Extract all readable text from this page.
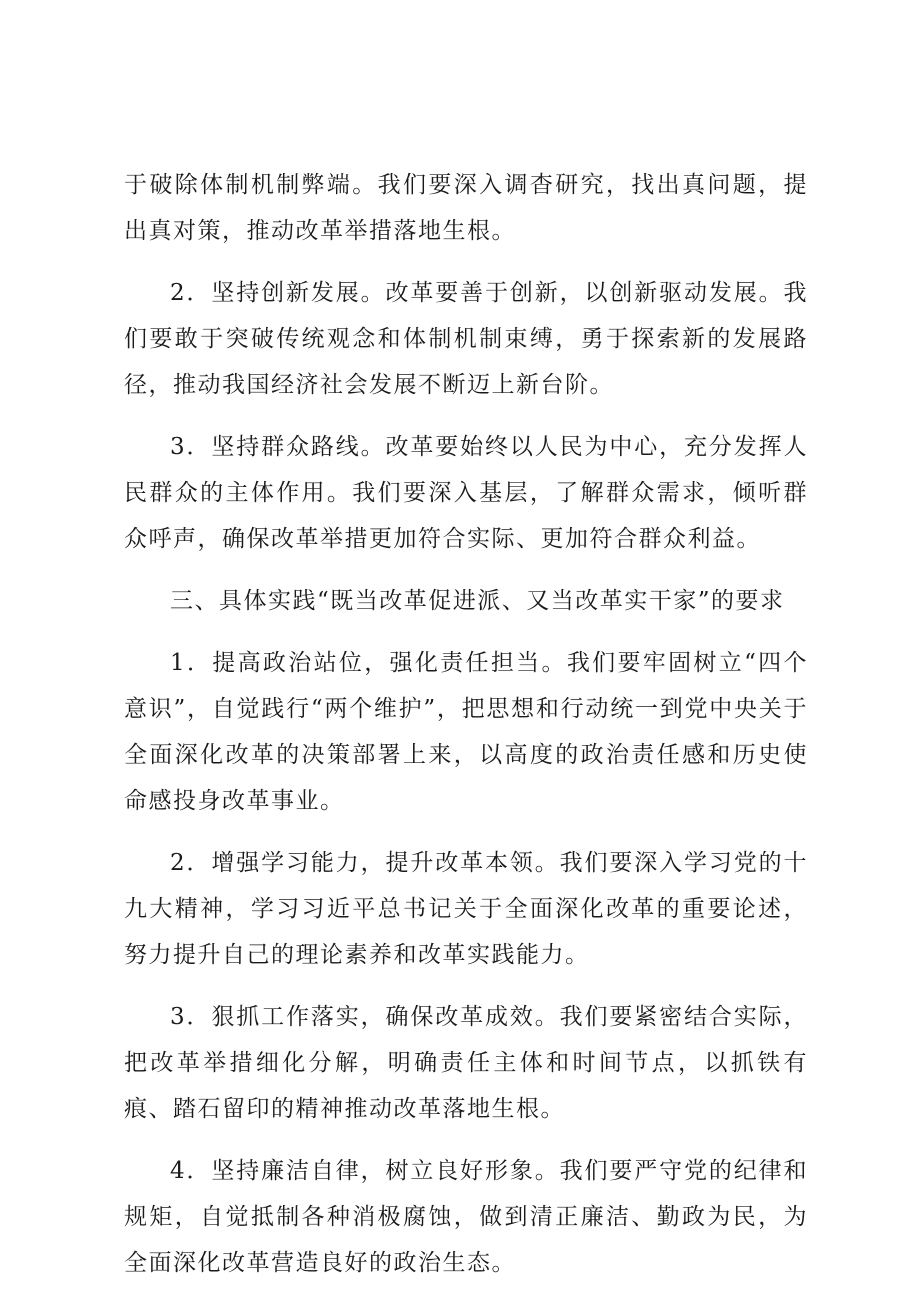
于破除体制机制弊端。我们要深入调杳研究，找出真问题，提出真对策，推动改革举措落地生根。

2．坚持创新发展。改革要善于创新，以创新驱动发展。我们要敢于突破传统观念和体制机制束缚，勇于探索新的发展路径，推动我国经济社会发展不断迈上新台阶。

3．坚持群众路线。改革要始终以人民为中心，充分发挥人民群众的主体作用。我们要深入基层，了解群众需求，倾听群众呼声，确保改革举措更加符合实际、更加符合群众利益。

三、具体实践“既当改革促进派、又当改革实干家”的要求

1．提高政治站位，强化责任担当。我们要牢固树立“四个意识”，自觉践行“两个维护”，把思想和行动统一到党中央关于全面深化改革的决策部署上来，以高度的政治责任感和历史使命感投身改革事业。

2．增强学习能力，提升改革本领。我们要深入学习党的十九大精神，学习习近平总书记关于全面深化改革的重要论述，努力提升自己的理论素养和改革实践能力。

3．狠抓工作落实，确保改革成效。我们要紧密结合实际，把改革举措细化分解，明确责任主体和时间节点，以抓铁有痕、踏石留印的精神推动改革落地生根。

4．坚持廉洁自律，树立良好形象。我们要严守党的纪律和规矩，自觉抵制各种消极腐蚀，做到清正廉洁、勤政为民，为全面深化改革营造良好的政治生态。
